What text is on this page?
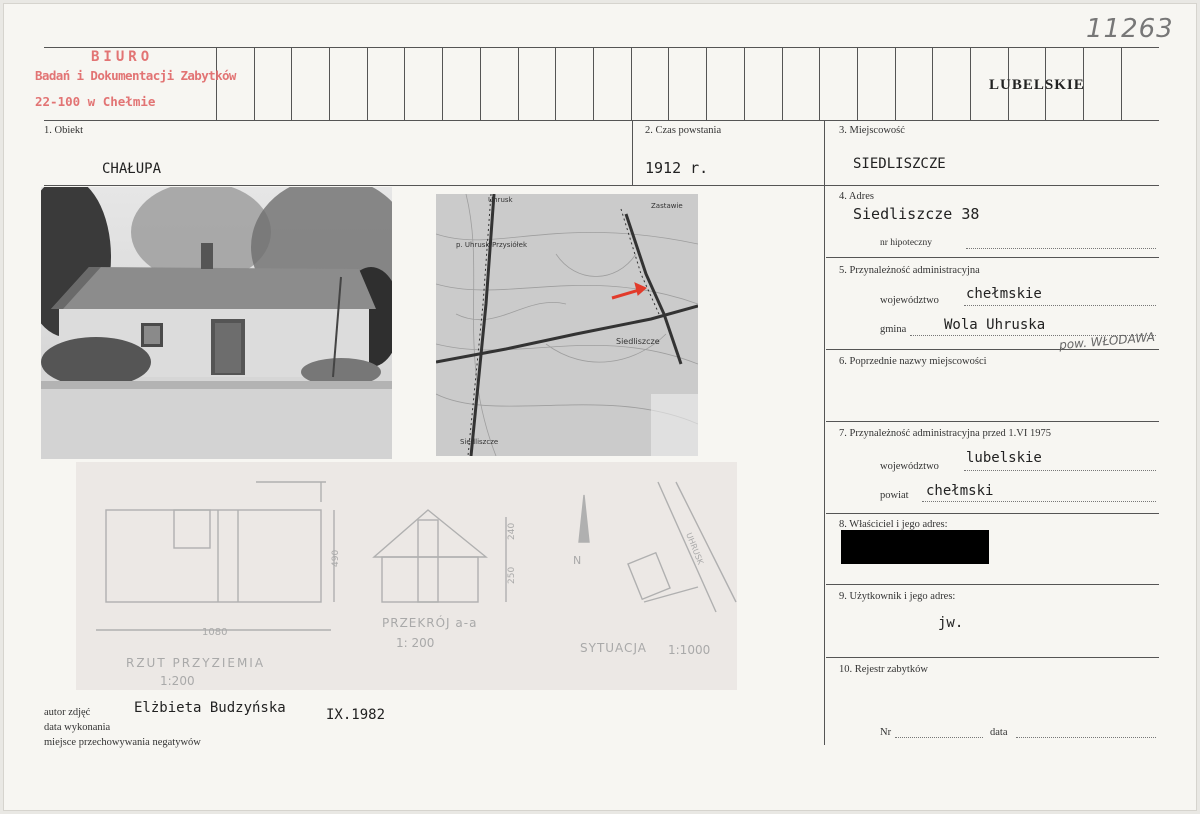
11263
BIURO
Badań i Dokumentacji Zabytków
22-100 w Chełmie
LUBELSKIE
1. Obiekt
CHAŁUPA
2. Czas powstania
1912 r.
3. Miejscowość
SIEDLISZCZE
4. Adres
Siedliszcze 38
nr hipoteczny
5. Przynależność administracyjna
województwo chełmskie
gmina	Wola Uhruska
pow. WŁODAWA
6. Poprzednie nazwy miejscowości
7. Przynależność administracyjna przed 1.VI 1975
województwo
lubelskie
powiat chełmski
8. Właściciel i jego adres:
9. Użytkownik i jego adres:
jw.
10. Rejestr zabytków
Nr	data
Uhrusk
p. Uhrusk-Przysiółek
Zastawie
Siedliszcze
Siedliszcze
RZUT PRZYZIEMIA
1:200
PRZEKRÓJ a-a
1: 200	SYTUACJA 1:1000
1080
490
250
240
N	UHRUSK
autor zdjęć	Elżbieta Budzyńska
data wykonania
IX.1982
miejsce przechowywania negatywów
